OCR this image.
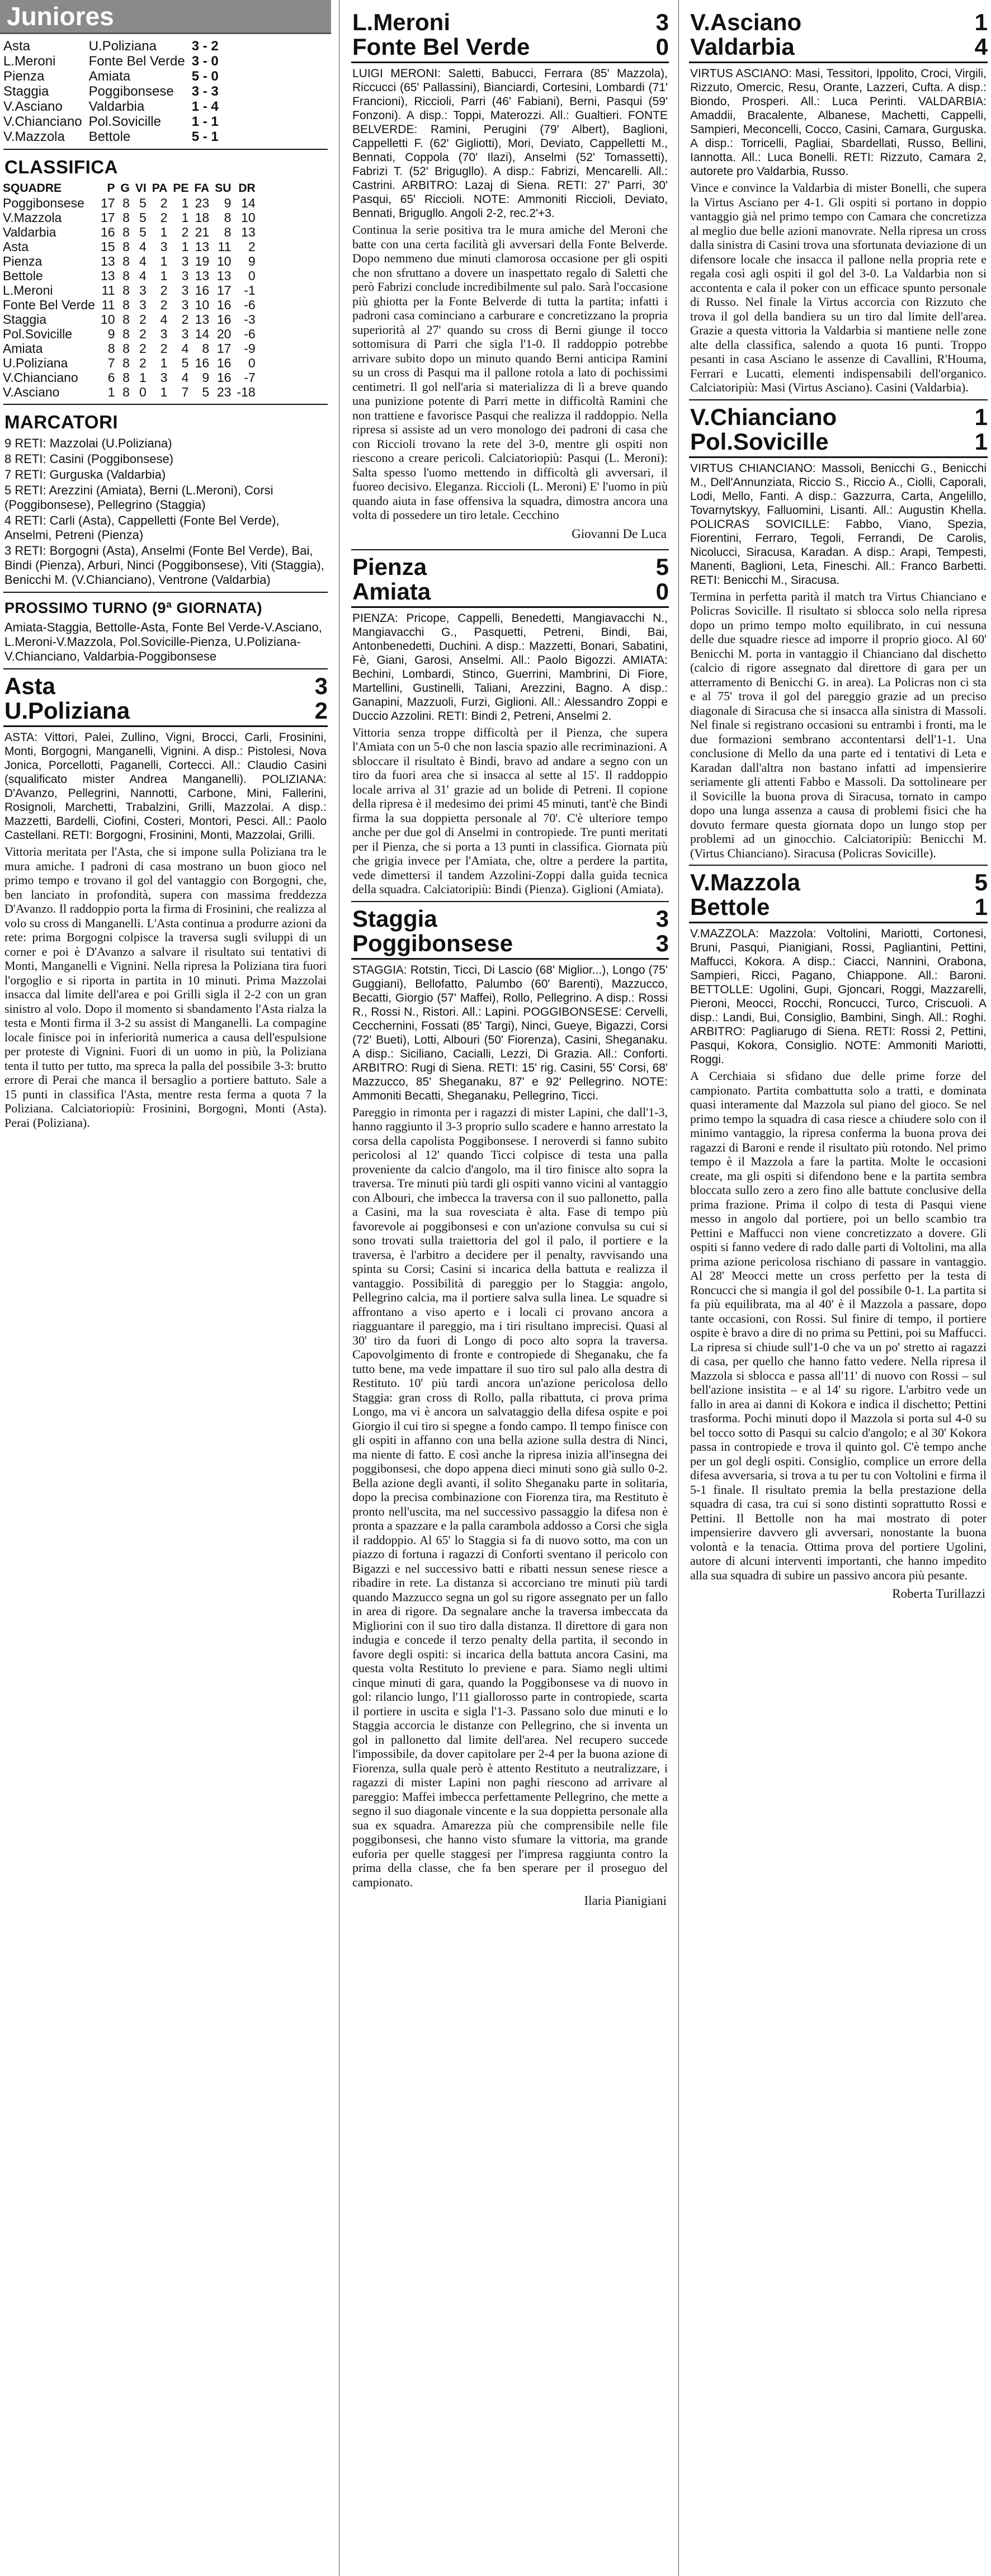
Juniores
Asta	U.Poliziana	3 - 2
L.Meroni	Fonte Bel Verde	3 - 0
Pienza	Amiata	5 - 0
Staggia	Poggibonsese	3 - 3
V.Asciano	Valdarbia	1 - 4
V.Chianciano	Pol.Sovicille	1 - 1
V.Mazzola	Bettole	5 - 1
CLASSIFICA
SQUADRE	P	G	VI	PA	PE	FA	SU	DR
Poggibonsese	17	8	5	2	1	23	9	14
V.Mazzola	17	8	5	2	1	18	8	10
Valdarbia	16	8	5	1	2	21	8	13
Asta	15	8	4	3	1	13	11	2
Pienza	13	8	4	1	3	19	10	9
Bettole	13	8	4	1	3	13	13	0
L.Meroni	11	8	3	2	3	16	17	-1
Fonte Bel Verde	11	8	3	2	3	10	16	-6
Staggia	10	8	2	4	2	13	16	-3
Pol.Sovicille	9	8	2	3	3	14	20	-6
Amiata	8	8	2	2	4	8	17	-9
U.Poliziana	7	8	2	1	5	16	16	0
V.Chianciano	6	8	1	3	4	9	16	-7
V.Asciano	1	8	0	1	7	5	23	-18
MARCATORI

9 RETI: Mazzolai (U.Poliziana)

8 RETI: Casini (Poggibonsese)

7 RETI: Gurguska (Valdarbia)

5 RETI: Arezzini (Amiata), Berni (L.Meroni), Corsi (Poggibonsese), Pellegrino (Staggia)

4 RETI: Carli (Asta), Cappelletti (Fonte Bel Verde), Anselmi, Petreni (Pienza)

3 RETI: Borgogni (Asta), Anselmi (Fonte Bel Verde), Bai, Bindi (Pienza), Arburi, Ninci (Poggibonsese), Viti (Staggia), Benicchi M. (V.Chianciano), Ventrone (Valdarbia)

PROSSIMO TURNO (9ª GIORNATA)

Amiata-Staggia, Bettolle-Asta, Fonte Bel Verde-V.Asciano, L.Meroni-V.Mazzola, Pol.Sovicille-Pienza, U.Poliziana-V.Chianciano, Valdarbia-Poggibonsese

Asta	3
U.Poliziana	2
ASTA: Vittori, Palei, Zullino, Vigni, Brocci, Carli, Frosinini, Monti, Borgogni, Manganelli, Vignini. A disp.: Pistolesi, Nova Jonica, Porcellotti, Paganelli, Cortecci. All.: Claudio Casini (squalificato mister Andrea Manganelli). POLIZIANA: D'Avanzo, Pellegrini, Nannotti, Carbone, Mini, Fallerini, Rosignoli, Marchetti, Trabalzini, Grilli, Mazzolai. A disp.: Mazzetti, Bardelli, Ciofini, Costeri, Montori, Pesci. All.: Paolo Castellani. RETI: Borgogni, Frosinini, Monti, Mazzolai, Grilli.
Vittoria meritata per l'Asta, che si impone sulla Poliziana tra le mura amiche. I padroni di casa mostrano un buon gioco nel primo tempo e trovano il gol del vantaggio con Borgogni, che, ben lanciato in profondità, supera con massima freddezza D'Avanzo. Il raddoppio porta la firma di Frosinini, che realizza al volo su cross di Manganelli. L'Asta continua a produrre azioni da rete: prima Borgogni colpisce la traversa sugli sviluppi di un corner e poi è D'Avanzo a salvare il risultato sui tentativi di Monti, Manganelli e Vignini. Nella ripresa la Poliziana tira fuori l'orgoglio e si riporta in partita in 10 minuti. Prima Mazzolai insacca dal limite dell'area e poi Grilli sigla il 2-2 con un gran sinistro al volo. Dopo il momento si sbandamento l'Asta rialza la testa e Monti firma il 3-2 su assist di Manganelli. La compagine locale finisce poi in inferiorità numerica a causa dell'espulsione per proteste di Vignini. Fuori di un uomo in più, la Poliziana tenta il tutto per tutto, ma spreca la palla del possibile 3-3: brutto errore di Perai che manca il bersaglio a portiere battuto. Sale a 15 punti in classifica l'Asta, mentre resta ferma a quota 7 la Poliziana. Calciatoriopiù: Frosinini, Borgogni, Monti (Asta). Perai (Poliziana).
L.Meroni	3
Fonte Bel Verde	0
LUIGI MERONI: Saletti, Babucci, Ferrara (85' Mazzola), Riccucci (65' Pallassini), Bianciardi, Cortesini, Lombardi (71' Francioni), Riccioli, Parri (46' Fabiani), Berni, Pasqui (59' Fonzoni). A disp.: Toppi, Materozzi. All.: Gualtieri. FONTE BELVERDE: Ramini, Perugini (79' Albert), Baglioni, Cappelletti F. (62' Gigliotti), Mori, Deviato, Cappelletti M., Bennati, Coppola (70' Ilazi), Anselmi (52' Tomassetti), Fabrizi T. (52' Brigugllo). A disp.: Fabrizi, Mencarelli. All.: Castrini. ARBITRO: Lazaj di Siena. RETI: 27' Parri, 30' Pasqui, 65' Riccioli. NOTE: Ammoniti Riccioli, Deviato, Bennati, Brigugllo. Angoli 2-2, rec.2'+3.
Continua la serie positiva tra le mura amiche del Meroni che batte con una certa facilità gli avversari della Fonte Belverde. Dopo nemmeno due minuti clamorosa occasione per gli ospiti che non sfruttano a dovere un inaspettato regalo di Saletti che però Fabrizi conclude incredibilmente sul palo. Sarà l'occasione più ghiotta per la Fonte Belverde di tutta la partita; infatti i padroni casa cominciano a carburare e concretizzano la propria superiorità al 27' quando su cross di Berni giunge il tocco sottomisura di Parri che sigla l'1-0. Il raddoppio potrebbe arrivare subito dopo un minuto quando Berni anticipa Ramini su un cross di Pasqui ma il pallone rotola a lato di pochissimi centimetri. Il gol nell'aria si materializza di lì a breve quando una punizione potente di Parri mette in difficoltà Ramini che non trattiene e favorisce Pasqui che realizza il raddoppio. Nella ripresa si assiste ad un vero monologo dei padroni di casa che con Riccioli trovano la rete del 3-0, mentre gli ospiti non riescono a creare pericoli. Calciatoriopiù: Pasqui (L. Meroni): Salta spesso l'uomo mettendo in difficoltà gli avversari, il fuoreo decisivo. Eleganza. Riccioli (L. Meroni) E' l'uomo in più quando aiuta in fase offensiva la squadra, dimostra ancora una volta di possedere un tiro letale. Cecchino
Giovanni De Luca
Pienza	5
Amiata	0
PIENZA: Pricope, Cappelli, Benedetti, Mangiavacchi N., Mangiavacchi G., Pasquetti, Petreni, Bindi, Bai, Antonbenedetti, Duchini. A disp.: Mazzetti, Bonari, Sabatini, Fè, Giani, Garosi, Anselmi. All.: Paolo Bigozzi. AMIATA: Bechini, Lombardi, Stinco, Guerrini, Mambrini, Di Fiore, Martellini, Gustinelli, Taliani, Arezzini, Bagno. A disp.: Ganapini, Mazzuoli, Furzi, Giglioni. All.: Alessandro Zoppi e Duccio Azzolini. RETI: Bindi 2, Petreni, Anselmi 2.
Vittoria senza troppe difficoltà per il Pienza, che supera l'Amiata con un 5-0 che non lascia spazio alle recriminazioni. A sbloccare il risultato è Bindi, bravo ad andare a segno con un tiro da fuori area che si insacca al sette al 15'. Il raddoppio locale arriva al 31' grazie ad un bolide di Petreni. Il copione della ripresa è il medesimo dei primi 45 minuti, tant'è che Bindi firma la sua doppietta personale al 70'. C'è ulteriore tempo anche per due gol di Anselmi in contropiede. Tre punti meritati per il Pienza, che si porta a 13 punti in classifica. Giornata più che grigia invece per l'Amiata, che, oltre a perdere la partita, vede dimettersi il tandem Azzolini-Zoppi dalla guida tecnica della squadra. Calciatoripiù: Bindi (Pienza). Giglioni (Amiata).
Staggia	3
Poggibonsese	3
STAGGIA: Rotstin, Ticci, Di Lascio (68' Miglior...), Longo (75' Guggiani), Bellofatto, Palumbo (60' Barenti), Mazzucco, Becatti, Giorgio (57' Maffei), Rollo, Pellegrino. A disp.: Rossi R., Rossi N., Ristori. All.: Lapini. POGGIBONSESE: Cervelli, Cecchernini, Fossati (85' Targi), Ninci, Gueye, Bigazzi, Corsi (72' Bueti), Lotti, Albouri (50' Fiorenza), Casini, Sheganaku. A disp.: Siciliano, Cacialli, Lezzi, Di Grazia. All.: Conforti. ARBITRO: Rugi di Siena. RETI: 15' rig. Casini, 55' Corsi, 68' Mazzucco, 85' Sheganaku, 87' e 92' Pellegrino. NOTE: Ammoniti Becatti, Sheganaku, Pellegrino, Ticci.
Pareggio in rimonta per i ragazzi di mister Lapini, che dall'1-3, hanno raggiunto il 3-3 proprio sullo scadere e hanno arrestato la corsa della capolista Poggibonsese. I neroverdi si fanno subito pericolosi al 12' quando Ticci colpisce di testa una palla proveniente da calcio d'angolo, ma il tiro finisce alto sopra la traversa. Tre minuti più tardi gli ospiti vanno vicini al vantaggio con Albouri, che imbecca la traversa con il suo pallonetto, palla a Casini, ma la sua rovesciata è alta. Fase di tempo più favorevole ai poggibonsesi e con un'azione convulsa su cui si sono trovati sulla traiettoria del gol il palo, il portiere e la traversa, è l'arbitro a decidere per il penalty, ravvisando una spinta su Corsi; Casini si incarica della battuta e realizza il vantaggio. Possibilità di pareggio per lo Staggia: angolo, Pellegrino calcia, ma il portiere salva sulla linea. Le squadre si affrontano a viso aperto e i locali ci provano ancora a riagguantare il pareggio, ma i tiri risultano imprecisi. Quasi al 30' tiro da fuori di Longo di poco alto sopra la traversa. Capovolgimento di fronte e contropiede di Sheganaku, che fa tutto bene, ma vede impattare il suo tiro sul palo alla destra di Restituto. 10' più tardi ancora un'azione pericolosa dello Staggia: gran cross di Rollo, palla ribattuta, ci prova prima Longo, ma vi è ancora un salvataggio della difesa ospite e poi Giorgio il cui tiro si spegne a fondo campo. Il tempo finisce con gli ospiti in affanno con una bella azione sulla destra di Ninci, ma niente di fatto. E così anche la ripresa inizia all'insegna dei poggibonsesi, che dopo appena dieci minuti sono già sullo 0-2. Bella azione degli avanti, il solito Sheganaku parte in solitaria, dopo la precisa combinazione con Fiorenza tira, ma Restituto è pronto nell'uscita, ma nel successivo passaggio la difesa non è pronta a spazzare e la palla carambola addosso a Corsi che sigla il raddoppio. Al 65' lo Staggia si fa di nuovo sotto, ma con un piazzo di fortuna i ragazzi di Conforti sventano il pericolo con Bigazzi e nel successivo batti e ribatti nessun senese riesce a ribadire in rete. La distanza si accorciano tre minuti più tardi quando Mazzucco segna un gol su rigore assegnato per un fallo in area di rigore. Da segnalare anche la traversa imbeccata da Migliorini con il suo tiro dalla distanza. Il direttore di gara non indugia e concede il terzo penalty della partita, il secondo in favore degli ospiti: si incarica della battuta ancora Casini, ma questa volta Restituto lo previene e para. Siamo negli ultimi cinque minuti di gara, quando la Poggibonsese va di nuovo in gol: rilancio lungo, l'11 giallorosso parte in contropiede, scarta il portiere in uscita e sigla l'1-3. Passano solo due minuti e lo Staggia accorcia le distanze con Pellegrino, che si inventa un gol in pallonetto dal limite dell'area. Nel recupero succede l'impossibile, da dover capitolare per 2-4 per la buona azione di Fiorenza, sulla quale però è attento Restituto a neutralizzare, i ragazzi di mister Lapini non paghi riescono ad arrivare al pareggio: Maffei imbecca perfettamente Pellegrino, che mette a segno il suo diagonale vincente e la sua doppietta personale alla sua ex squadra. Amarezza più che comprensibile nelle file poggibonsesi, che hanno visto sfumare la vittoria, ma grande euforia per quelle staggesi per l'impresa raggiunta contro la prima della classe, che fa ben sperare per il proseguo del campionato.
Ilaria Pianigiani
V.Asciano	1
Valdarbia	4
VIRTUS ASCIANO: Masi, Tessitori, Ippolito, Croci, Virgili, Rizzuto, Omercic, Resu, Orante, Lazzeri, Cufta. A disp.: Biondo, Prosperi. All.: Luca Perinti. VALDARBIA: Amaddii, Bracalente, Albanese, Machetti, Cappelli, Sampieri, Meconcelli, Cocco, Casini, Camara, Gurguska. A disp.: Torricelli, Pagliai, Sbardellati, Russo, Bellini, Iannotta. All.: Luca Bonelli. RETI: Rizzuto, Camara 2, autorete pro Valdarbia, Russo.
Vince e convince la Valdarbia di mister Bonelli, che supera la Virtus Asciano per 4-1. Gli ospiti si portano in doppio vantaggio già nel primo tempo con Camara che concretizza al meglio due belle azioni manovrate. Nella ripresa un cross dalla sinistra di Casini trova una sfortunata deviazione di un difensore locale che insacca il pallone nella propria rete e regala così agli ospiti il gol del 3-0. La Valdarbia non si accontenta e cala il poker con un efficace spunto personale di Russo. Nel finale la Virtus accorcia con Rizzuto che trova il gol della bandiera su un tiro dal limite dell'area. Grazie a questa vittoria la Valdarbia si mantiene nelle zone alte della classifica, salendo a quota 16 punti. Troppo pesanti in casa Asciano le assenze di Cavallini, R'Houma, Ferrari e Lucatti, elementi indispensabili dell'organico. Calciatoripiù: Masi (Virtus Asciano). Casini (Valdarbia).
V.Chianciano	1
Pol.Sovicille	1
VIRTUS CHIANCIANO: Massoli, Benicchi G., Benicchi M., Dell'Annunziata, Riccio S., Riccio A., Ciolli, Caporali, Lodi, Mello, Fanti. A disp.: Gazzurra, Carta, Angelillo, Tovarnytskyy, Falluomini, Lisanti. All.: Augustin Khella. POLICRAS SOVICILLE: Fabbo, Viano, Spezia, Fiorentini, Ferraro, Tegoli, Ferrandi, De Carolis, Nicolucci, Siracusa, Karadan. A disp.: Arapi, Tempesti, Manenti, Baglioni, Leta, Fineschi. All.: Franco Barbetti. RETI: Benicchi M., Siracusa.
Termina in perfetta parità il match tra Virtus Chianciano e Policras Sovicille. Il risultato si sblocca solo nella ripresa dopo un primo tempo molto equilibrato, in cui nessuna delle due squadre riesce ad imporre il proprio gioco. Al 60' Benicchi M. porta in vantaggio il Chianciano dal dischetto (calcio di rigore assegnato dal direttore di gara per un atterramento di Benicchi G. in area). La Policras non ci sta e al 75' trova il gol del pareggio grazie ad un preciso diagonale di Siracusa che si insacca alla sinistra di Massoli. Nel finale si registrano occasioni su entrambi i fronti, ma le due formazioni sembrano accontentarsi dell'1-1. Una conclusione di Mello da una parte ed i tentativi di Leta e Karadan dall'altra non bastano infatti ad impensierire seriamente gli attenti Fabbo e Massoli. Da sottolineare per il Sovicille la buona prova di Siracusa, tornato in campo dopo una lunga assenza a causa di problemi fisici che ha dovuto fermare questa giornata dopo un lungo stop per problemi ad un ginocchio. Calciatoripiù: Benicchi M. (Virtus Chianciano). Siracusa (Policras Sovicille).
V.Mazzola	5
Bettole	1
V.MAZZOLA: Mazzola: Voltolini, Mariotti, Cortonesi, Bruni, Pasqui, Pianigiani, Rossi, Pagliantini, Pettini, Maffucci, Kokora. A disp.: Ciacci, Nannini, Orabona, Sampieri, Ricci, Pagano, Chiappone. All.: Baroni. BETTOLLE: Ugolini, Gupi, Gjoncari, Roggi, Mazzarelli, Pieroni, Meocci, Rocchi, Roncucci, Turco, Criscuoli. A disp.: Landi, Bui, Consiglio, Bambini, Singh. All.: Roghi. ARBITRO: Pagliarugo di Siena. RETI: Rossi 2, Pettini, Pasqui, Kokora, Consiglio. NOTE: Ammoniti Mariotti, Roggi.
A Cerchiaia si sfidano due delle prime forze del campionato. Partita combattutta solo a tratti, e dominata quasi interamente dal Mazzola sul piano del gioco. Se nel primo tempo la squadra di casa riesce a chiudere solo con il minimo vantaggio, la ripresa conferma la buona prova dei ragazzi di Baroni e rende il risultato più rotondo. Nel primo tempo è il Mazzola a fare la partita. Molte le occasioni create, ma gli ospiti si difendono bene e la partita sembra bloccata sullo zero a zero fino alle battute conclusive della prima frazione. Prima il colpo di testa di Pasqui viene messo in angolo dal portiere, poi un bello scambio tra Pettini e Maffucci non viene concretizzato a dovere. Gli ospiti si fanno vedere di rado dalle parti di Voltolini, ma alla prima azione pericolosa rischiano di passare in vantaggio. Al 28' Meocci mette un cross perfetto per la testa di Roncucci che si mangia il gol del possibile 0-1. La partita si fa più equilibrata, ma al 40' è il Mazzola a passare, dopo tante occasioni, con Rossi. Sul finire di tempo, il portiere ospite è bravo a dire di no prima su Pettini, poi su Maffucci. La ripresa si chiude sull'1-0 che va un po' stretto ai ragazzi di casa, per quello che hanno fatto vedere. Nella ripresa il Mazzola si sblocca e passa all'11' di nuovo con Rossi – sul bell'azione insistita – e al 14' su rigore. L'arbitro vede un fallo in area ai danni di Kokora e indica il dischetto; Pettini trasforma. Pochi minuti dopo il Mazzola si porta sul 4-0 su bel tocco sotto di Pasqui su calcio d'angolo; e al 30' Kokora passa in contropiede e trova il quinto gol. C'è tempo anche per un gol degli ospiti. Consiglio, complice un errore della difesa avversaria, si trova a tu per tu con Voltolini e firma il 5-1 finale. Il risultato premia la bella prestazione della squadra di casa, tra cui si sono distinti soprattutto Rossi e Pettini. Il Bettolle non ha mai mostrato di poter impensierire davvero gli avversari, nonostante la buona volontà e la tenacia. Ottima prova del portiere Ugolini, autore di alcuni interventi importanti, che hanno impedito alla sua squadra di subire un passivo ancora più pesante.
Roberta Turillazzi
